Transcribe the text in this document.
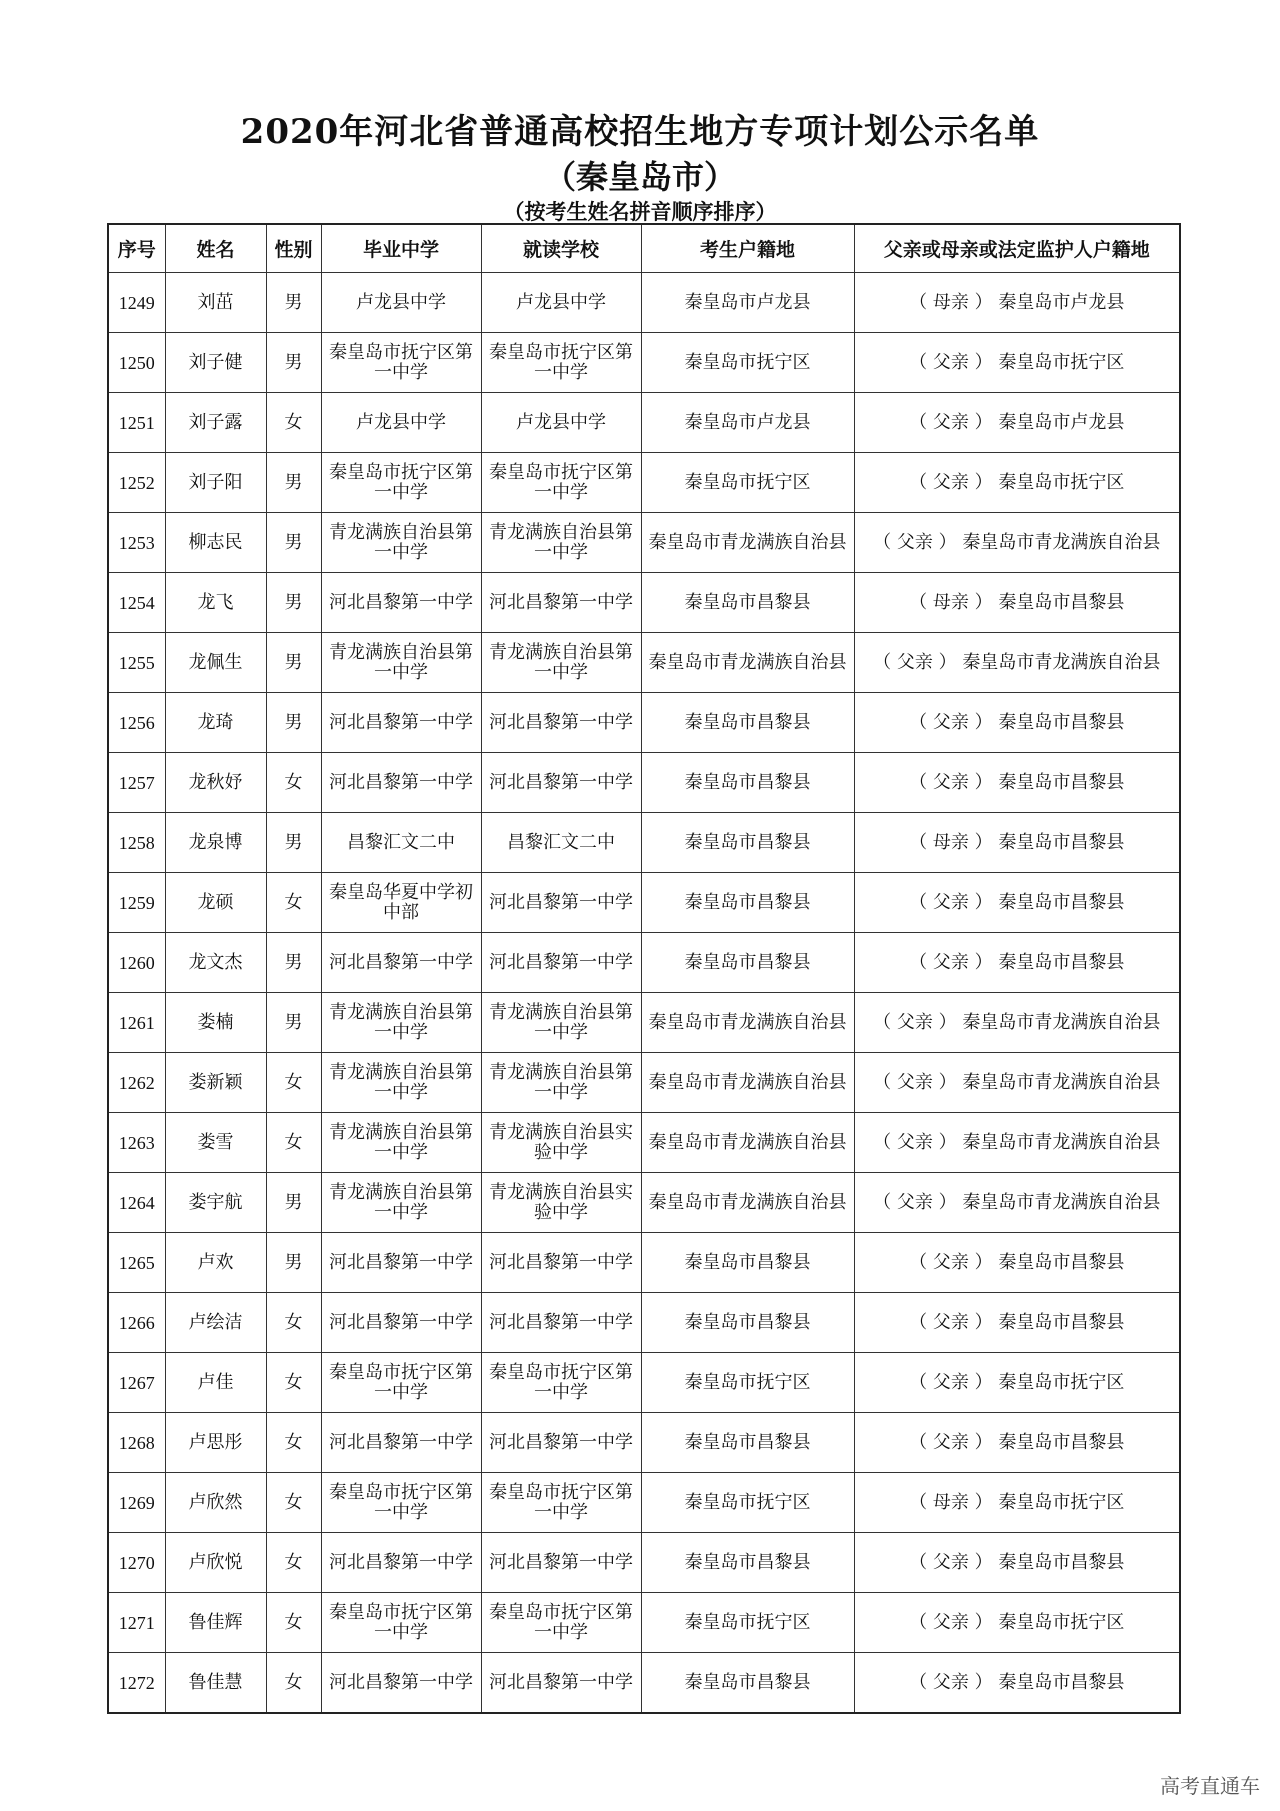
2020年河北省普通高校招生地方专项计划公示名单
（秦皇岛市）
（按考生姓名拼音顺序排序）
序号	姓名	性别	毕业中学	就读学校	考生户籍地	父亲或母亲或法定监护人户籍地
1249	刘茁	男	卢龙县中学	卢龙县中学	秦皇岛市卢龙县	（ 母亲 ） 秦皇岛市卢龙县
1250	刘子健	男	秦皇岛市抚宁区第一中学	秦皇岛市抚宁区第一中学	秦皇岛市抚宁区	（ 父亲 ） 秦皇岛市抚宁区
1251	刘子露	女	卢龙县中学	卢龙县中学	秦皇岛市卢龙县	（ 父亲 ） 秦皇岛市卢龙县
1252	刘子阳	男	秦皇岛市抚宁区第一中学	秦皇岛市抚宁区第一中学	秦皇岛市抚宁区	（ 父亲 ） 秦皇岛市抚宁区
1253	柳志民	男	青龙满族自治县第一中学	青龙满族自治县第一中学	秦皇岛市青龙满族自治县	（ 父亲 ） 秦皇岛市青龙满族自治县
1254	龙飞	男	河北昌黎第一中学	河北昌黎第一中学	秦皇岛市昌黎县	（ 母亲 ） 秦皇岛市昌黎县
1255	龙佩生	男	青龙满族自治县第一中学	青龙满族自治县第一中学	秦皇岛市青龙满族自治县	（ 父亲 ） 秦皇岛市青龙满族自治县
1256	龙琦	男	河北昌黎第一中学	河北昌黎第一中学	秦皇岛市昌黎县	（ 父亲 ） 秦皇岛市昌黎县
1257	龙秋妤	女	河北昌黎第一中学	河北昌黎第一中学	秦皇岛市昌黎县	（ 父亲 ） 秦皇岛市昌黎县
1258	龙泉博	男	昌黎汇文二中	昌黎汇文二中	秦皇岛市昌黎县	（ 母亲 ） 秦皇岛市昌黎县
1259	龙硕	女	秦皇岛华夏中学初中部	河北昌黎第一中学	秦皇岛市昌黎县	（ 父亲 ） 秦皇岛市昌黎县
1260	龙文杰	男	河北昌黎第一中学	河北昌黎第一中学	秦皇岛市昌黎县	（ 父亲 ） 秦皇岛市昌黎县
1261	娄楠	男	青龙满族自治县第一中学	青龙满族自治县第一中学	秦皇岛市青龙满族自治县	（ 父亲 ） 秦皇岛市青龙满族自治县
1262	娄新颖	女	青龙满族自治县第一中学	青龙满族自治县第一中学	秦皇岛市青龙满族自治县	（ 父亲 ） 秦皇岛市青龙满族自治县
1263	娄雪	女	青龙满族自治县第一中学	青龙满族自治县实验中学	秦皇岛市青龙满族自治县	（ 父亲 ） 秦皇岛市青龙满族自治县
1264	娄宇航	男	青龙满族自治县第一中学	青龙满族自治县实验中学	秦皇岛市青龙满族自治县	（ 父亲 ） 秦皇岛市青龙满族自治县
1265	卢欢	男	河北昌黎第一中学	河北昌黎第一中学	秦皇岛市昌黎县	（ 父亲 ） 秦皇岛市昌黎县
1266	卢绘洁	女	河北昌黎第一中学	河北昌黎第一中学	秦皇岛市昌黎县	（ 父亲 ） 秦皇岛市昌黎县
1267	卢佳	女	秦皇岛市抚宁区第一中学	秦皇岛市抚宁区第一中学	秦皇岛市抚宁区	（ 父亲 ） 秦皇岛市抚宁区
1268	卢思彤	女	河北昌黎第一中学	河北昌黎第一中学	秦皇岛市昌黎县	（ 父亲 ） 秦皇岛市昌黎县
1269	卢欣然	女	秦皇岛市抚宁区第一中学	秦皇岛市抚宁区第一中学	秦皇岛市抚宁区	（ 母亲 ） 秦皇岛市抚宁区
1270	卢欣悦	女	河北昌黎第一中学	河北昌黎第一中学	秦皇岛市昌黎县	（ 父亲 ） 秦皇岛市昌黎县
1271	鲁佳辉	女	秦皇岛市抚宁区第一中学	秦皇岛市抚宁区第一中学	秦皇岛市抚宁区	（ 父亲 ） 秦皇岛市抚宁区
1272	鲁佳慧	女	河北昌黎第一中学	河北昌黎第一中学	秦皇岛市昌黎县	（ 父亲 ） 秦皇岛市昌黎县
高考直通车
